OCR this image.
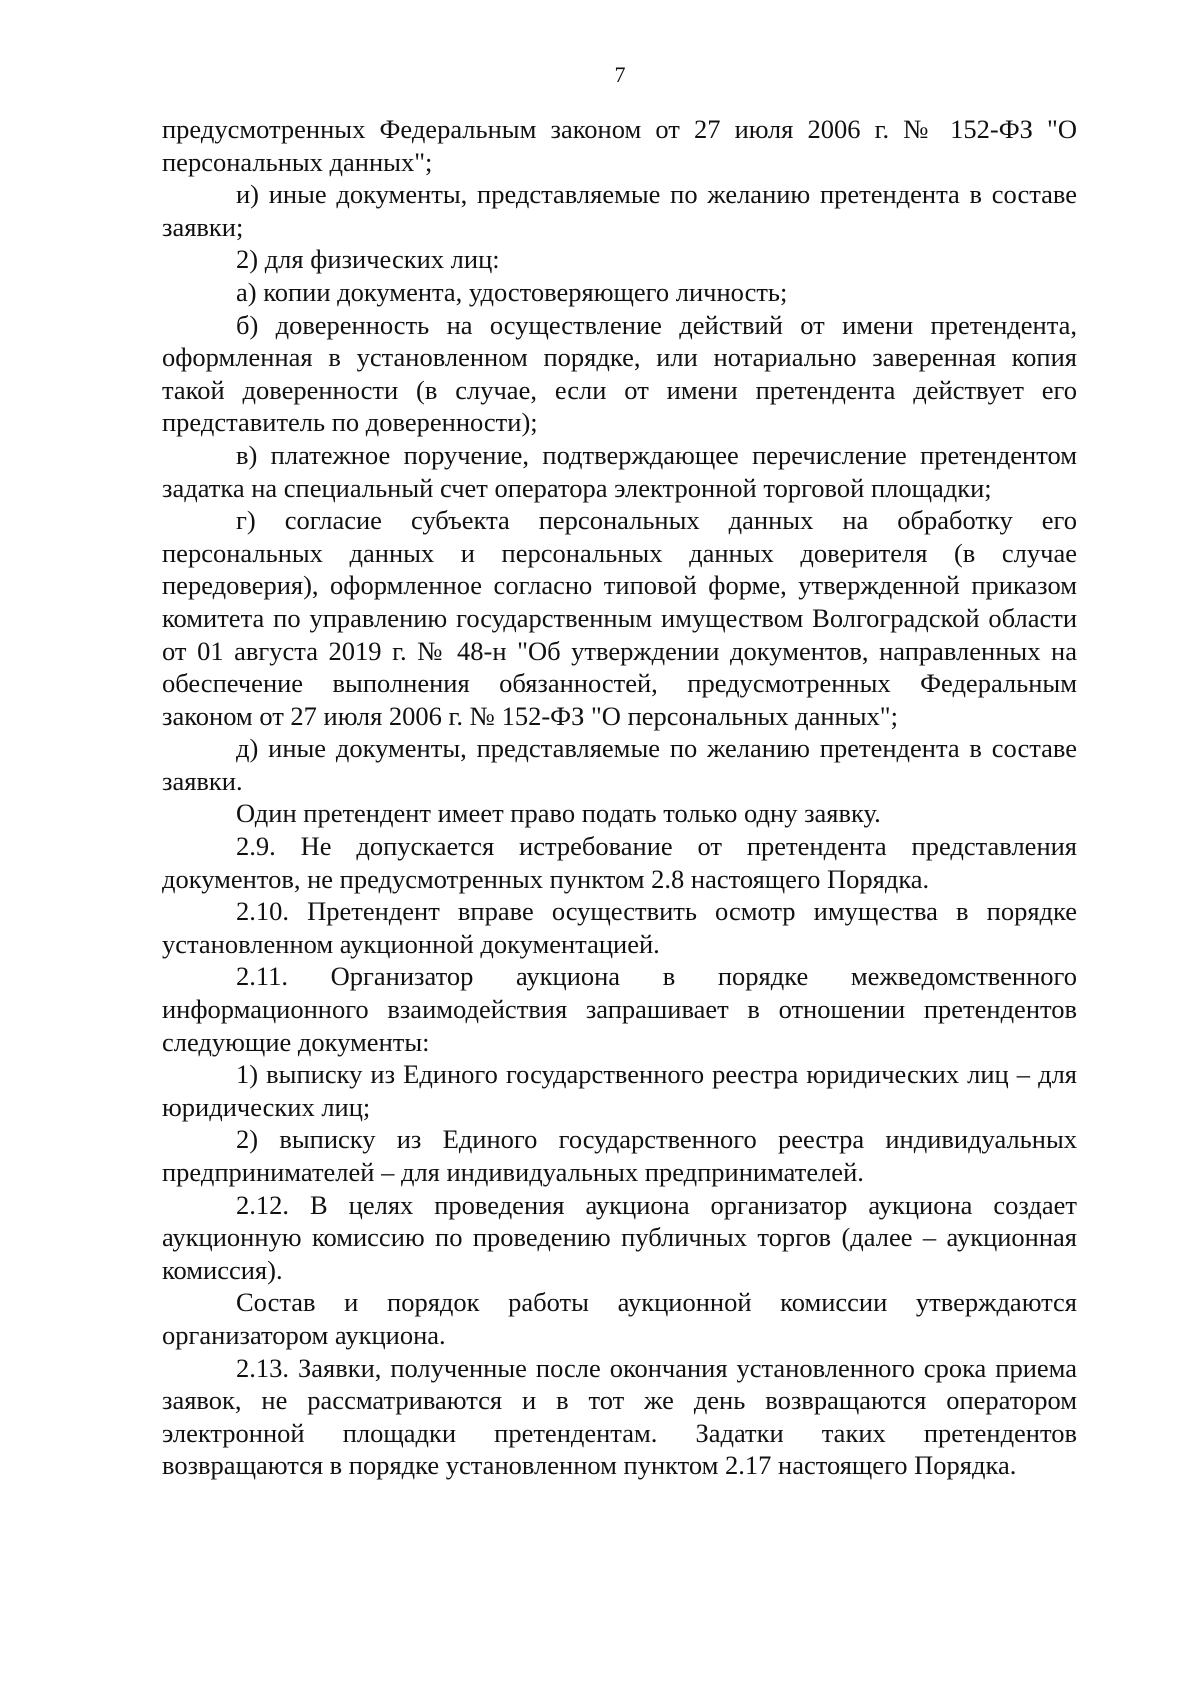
7

предусмотренных Федеральным законом от 27 июля 2006 г. № 152-ФЗ "О персональных данных";

и) иные документы, представляемые по желанию претендента в составе заявки;

2) для физических лиц:

а) копии документа, удостоверяющего личность;

б) доверенность на осуществление действий от имени претендента, оформленная в установленном порядке, или нотариально заверенная копия такой доверенности (в случае, если от имени претендента действует его представитель по доверенности);

в) платежное поручение, подтверждающее перечисление претендентом задатка на специальный счет оператора электронной торговой площадки;

г) согласие субъекта персональных данных на обработку его персональных данных и персональных данных доверителя (в случае передоверия), оформленное согласно типовой форме, утвержденной приказом комитета по управлению государственным имуществом Волгоградской области от 01 августа 2019 г. № 48-н "Об утверждении документов, направленных на обеспечение выполнения обязанностей, предусмотренных Федеральным законом от 27 июля 2006 г. № 152-ФЗ "О персональных данных";

д) иные документы, представляемые по желанию претендента в составе заявки.

Один претендент имеет право подать только одну заявку.

2.9. Не допускается истребование от претендента представления документов, не предусмотренных пунктом 2.8 настоящего Порядка.

2.10. Претендент вправе осуществить осмотр имущества в порядке установленном аукционной документацией.

2.11. Организатор аукциона в порядке межведомственного информационного взаимодействия запрашивает в отношении претендентов следующие документы:

1) выписку из Единого государственного реестра юридических лиц – для юридических лиц;

2) выписку из Единого государственного реестра индивидуальных предпринимателей – для индивидуальных предпринимателей.

2.12. В целях проведения аукциона организатор аукциона создает аукционную комиссию по проведению публичных торгов (далее – аукционная комиссия).

Состав и порядок работы аукционной комиссии утверждаются организатором аукциона.

2.13. Заявки, полученные после окончания установленного срока приема заявок, не рассматриваются и в тот же день возвращаются оператором электронной площадки претендентам. Задатки таких претендентов возвращаются в порядке установленном пунктом 2.17 настоящего Порядка.
